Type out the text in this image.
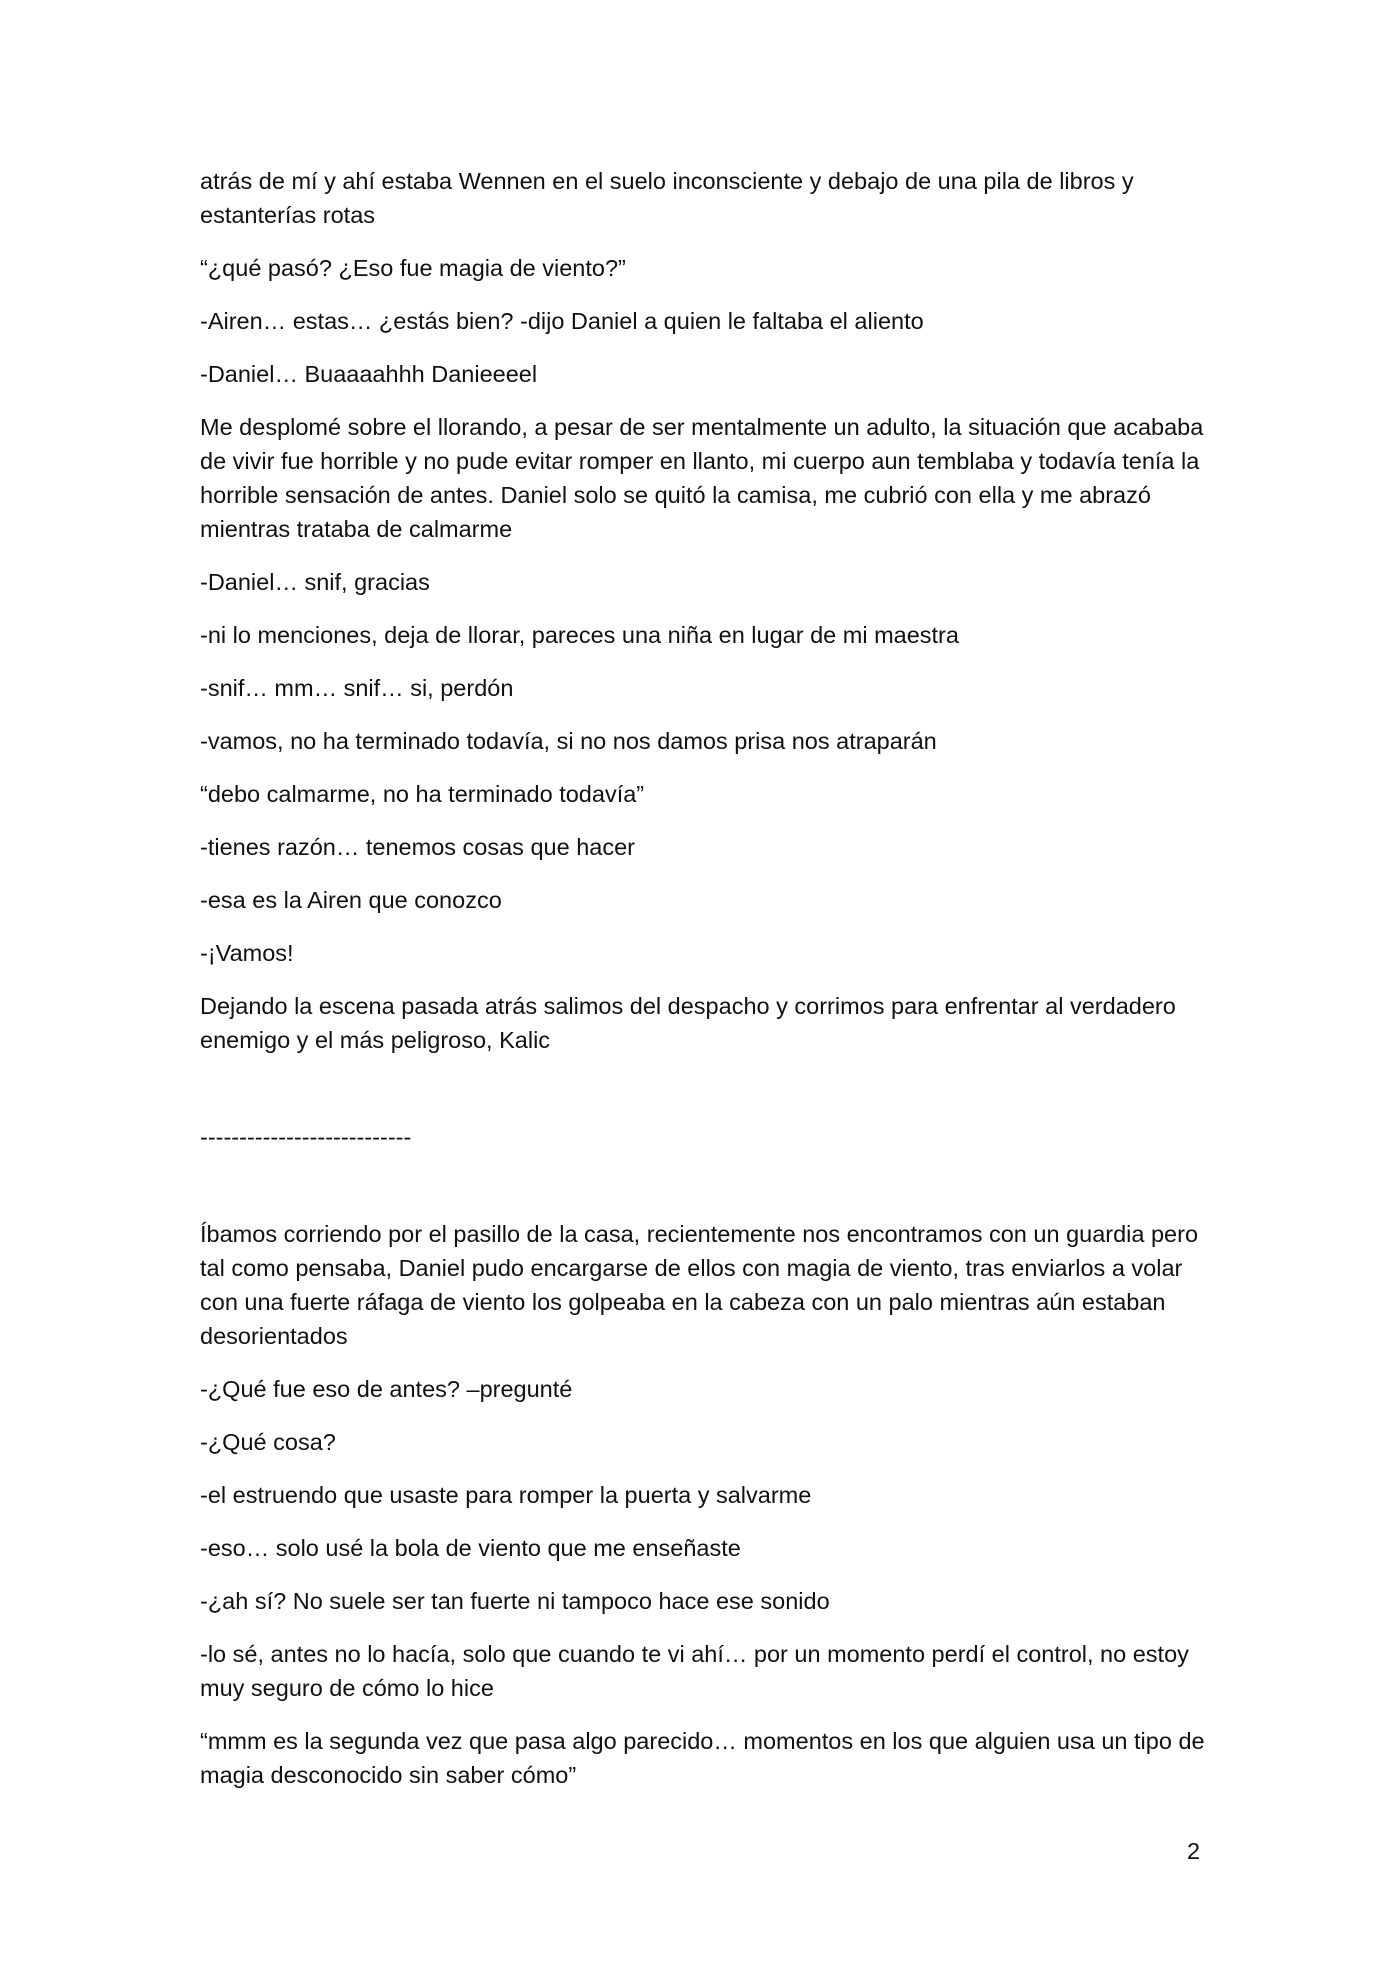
atrás de mí y ahí estaba Wennen en el suelo inconsciente y debajo de una pila de libros y estanterías rotas

“¿qué pasó? ¿Eso fue magia de viento?”

-Airen… estas… ¿estás bien? -dijo Daniel a quien le faltaba el aliento

-Daniel… Buaaaahhh Danieeeel

Me desplomé sobre el llorando, a pesar de ser mentalmente un adulto, la situación que acababa de vivir fue horrible y no pude evitar romper en llanto, mi cuerpo aun temblaba y todavía tenía la horrible sensación de antes. Daniel solo se quitó la camisa, me cubrió con ella y me abrazó mientras trataba de calmarme

-Daniel… snif, gracias

-ni lo menciones, deja de llorar, pareces una niña en lugar de mi maestra

-snif… mm… snif… si, perdón

-vamos, no ha terminado todavía, si no nos damos prisa nos atraparán

“debo calmarme, no ha terminado todavía”

-tienes razón… tenemos cosas que hacer

-esa es la Airen que conozco

-¡Vamos!

Dejando la escena pasada atrás salimos del despacho y corrimos para enfrentar al verdadero enemigo y el más peligroso, Kalic

---------------------------

Íbamos corriendo por el pasillo de la casa, recientemente nos encontramos con un guardia pero tal como pensaba, Daniel pudo encargarse de ellos con magia de viento, tras enviarlos a volar con una fuerte ráfaga de viento los golpeaba en la cabeza con un palo mientras aún estaban desorientados

-¿Qué fue eso de antes? –pregunté

-¿Qué cosa?

-el estruendo que usaste para romper la puerta y salvarme

-eso… solo usé la bola de viento que me enseñaste

-¿ah sí? No suele ser tan fuerte ni tampoco hace ese sonido

-lo sé, antes no lo hacía, solo que cuando te vi ahí… por un momento perdí el control, no estoy muy seguro de cómo lo hice

“mmm es la segunda vez que pasa algo parecido… momentos en los que alguien usa un tipo de magia desconocido sin saber cómo”

2
